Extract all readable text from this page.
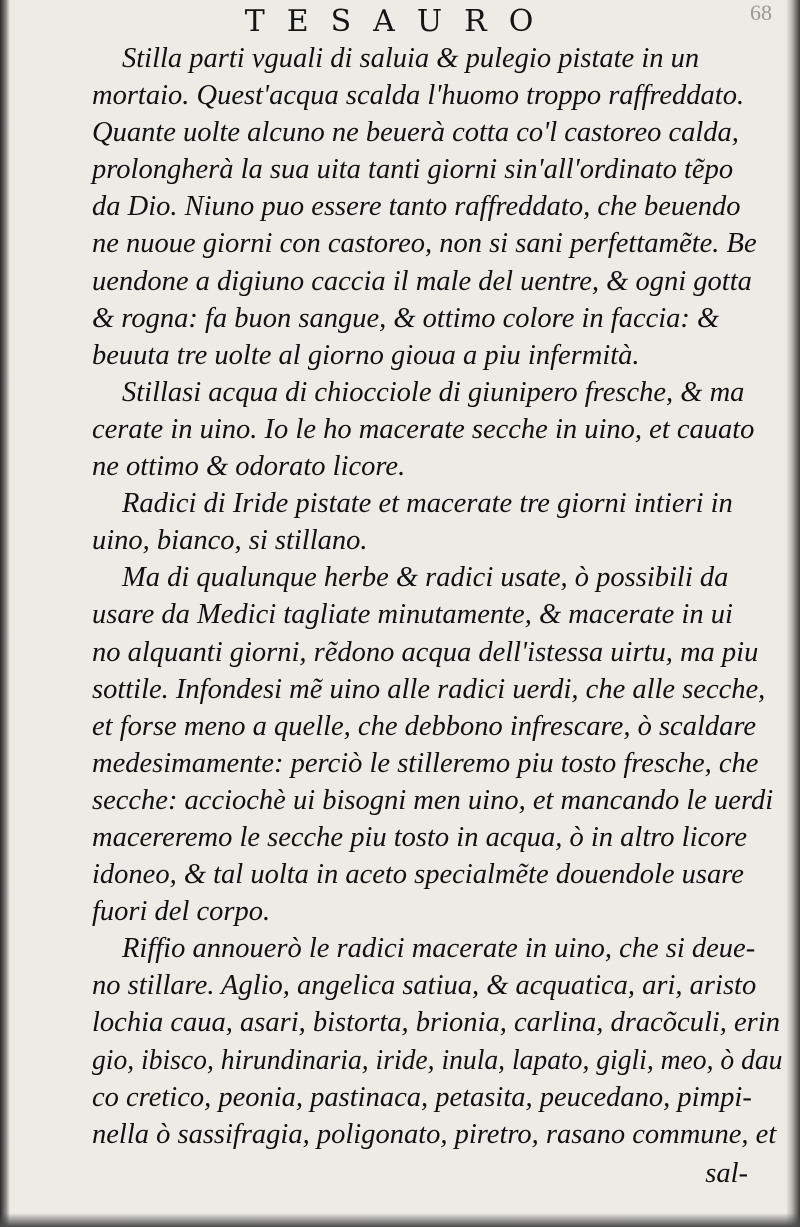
TESAURO	68
Stilla parti vguali di saluia & pulegio pistate in un
mortaio. Quest'acqua scalda l'huomo troppo raffreddato.
Quante uolte alcuno ne beuerà cotta co'l castoreo calda,
prolongherà la sua uita tanti giorni sin'all'ordinato tẽpo
da Dio. Niuno puo essere tanto raffreddato, che beuendo
ne nuoue giorni con castoreo, non si sani perfettamẽte. Be
uendone a digiuno caccia il male del uentre, & ogni gotta
& rogna: fa buon sangue, & ottimo colore in faccia: &
beuuta tre uolte al giorno gioua a piu infermità.
Stillasi acqua di chiocciole di giunipero fresche, & ma
cerate in uino. Io le ho macerate secche in uino, et cauato
ne ottimo & odorato licore.
Radici di Iride pistate et macerate tre giorni intieri in
uino, bianco, si stillano.
Ma di qualunque herbe & radici usate, ò possibili da
usare da Medici tagliate minutamente, & macerate in ui
no alquanti giorni, rẽdono acqua dell'istessa uirtu, ma piu
sottile. Infondesi mẽ uino alle radici uerdi, che alle secche,
et forse meno a quelle, che debbono infrescare, ò scaldare
medesimamente: perciò le stilleremo piu tosto fresche, che
secche: acciochè ui bisogni men uino, et mancando le uerdi
macereremo le secche piu tosto in acqua, ò in altro licore
idoneo, & tal uolta in aceto specialmẽte douendole usare
fuori del corpo.
Riffio annouerò le radici macerate in uino, che si deue-
no stillare. Aglio, angelica satiua, & acquatica, ari, aristo
lochia caua, asari, bistorta, brionia, carlina, dracõculi, erin
gio, ibisco, hirundinaria, iride, inula, lapato, gigli, meo, ò dau
co cretico, peonia, pastinaca, petasita, peucedano, pimpi-
nella ò sassifragia, poligonato, piretro, rasano commune, et
sal-
